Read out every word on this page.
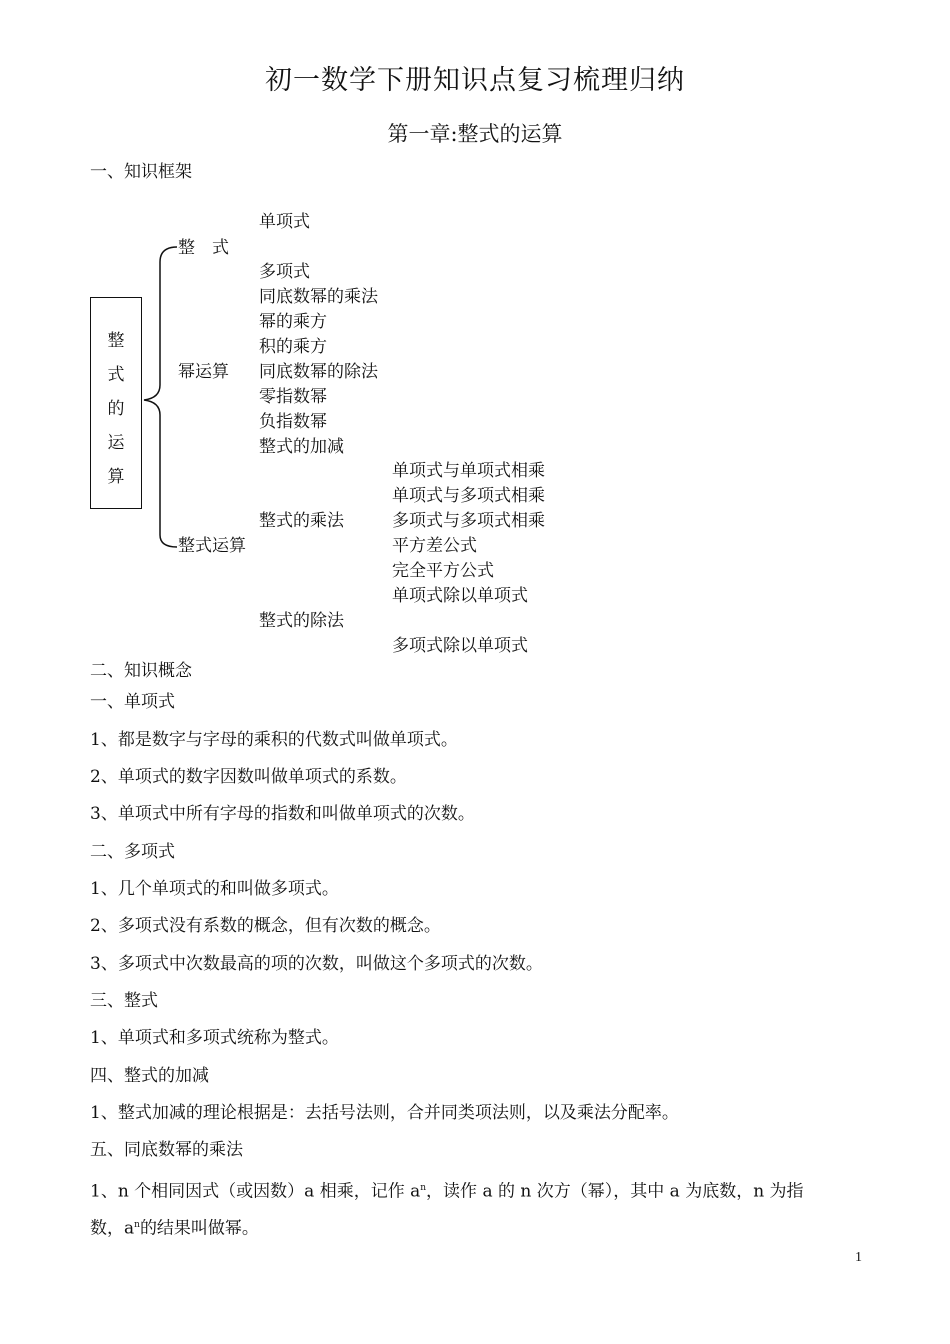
初一数学下册知识点复习梳理归纳
第一章:整式的运算
一、知识框架
整
式
的
运
算
整　式
幂运算
整式运算
单项式
多项式
同底数幂的乘法
幂的乘方
积的乘方
同底数幂的除法
零指数幂
负指数幂
整式的加减
整式的乘法
整式的除法
单项式与单项式相乘
单项式与多项式相乘
多项式与多项式相乘
平方差公式
完全平方公式
单项式除以单项式
多项式除以单项式
二、知识概念
一、单项式
1、都是数字与字母的乘积的代数式叫做单项式。
2、单项式的数字因数叫做单项式的系数。
3、单项式中所有字母的指数和叫做单项式的次数。
二、多项式
1、几个单项式的和叫做多项式。
2、多项式没有系数的概念，但有次数的概念。
3、多项式中次数最高的项的次数，叫做这个多项式的次数。
三、整式
1、单项式和多项式统称为整式。
四、整式的加减
1、整式加减的理论根据是：去括号法则，合并同类项法则，以及乘法分配率。
五、同底数幂的乘法
1、n 个相同因式（或因数）a 相乘，记作 $a^n$，读作 a 的 n 次方（幂），其中 a 为底数，n 为指
数，$a^n$的结果叫做幂。
1
